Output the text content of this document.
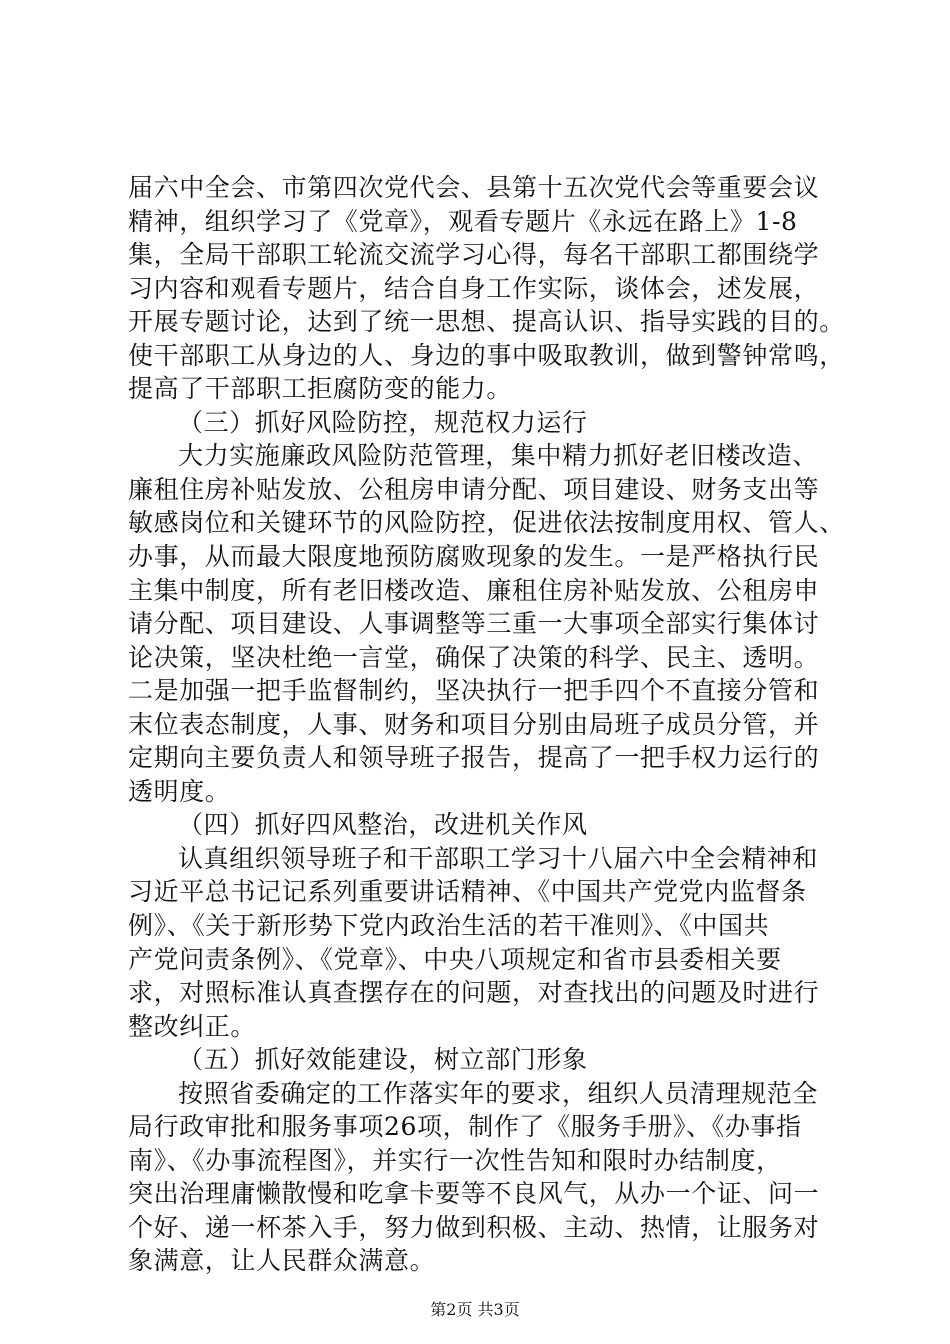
届六中全会、市第四次党代会、县第十五次党代会等重要会议
精神，组织学习了《党章》，观看专题片《永远在路上》1-8
集，全局干部职工轮流交流学习心得，每名干部职工都围绕学
习内容和观看专题片，结合自身工作实际，谈体会，述发展，
开展专题讨论，达到了统一思想、提高认识、指导实践的目的。
使干部职工从身边的人、身边的事中吸取教训，做到警钟常鸣，
提高了干部职工拒腐防变的能力。
（三）抓好风险防控，规范权力运行
大力实施廉政风险防范管理，集中精力抓好老旧楼改造、
廉租住房补贴发放、公租房申请分配、项目建设、财务支出等
敏感岗位和关键环节的风险防控，促进依法按制度用权、管人、
办事，从而最大限度地预防腐败现象的发生。一是严格执行民
主集中制度，所有老旧楼改造、廉租住房补贴发放、公租房申
请分配、项目建设、人事调整等三重一大事项全部实行集体讨
论决策，坚决杜绝一言堂，确保了决策的科学、民主、透明。
二是加强一把手监督制约，坚决执行一把手四个不直接分管和
末位表态制度，人事、财务和项目分别由局班子成员分管，并
定期向主要负责人和领导班子报告，提高了一把手权力运行的
透明度。
（四）抓好四风整治，改进机关作风
认真组织领导班子和干部职工学习十八届六中全会精神和
习近平总书记记系列重要讲话精神、《中国共产党党内监督条
例》、《关于新形势下党内政治生活的若干准则》、《中国共
产党问责条例》、《党章》、中央八项规定和省市县委相关要
求，对照标准认真查摆存在的问题，对查找出的问题及时进行
整改纠正。
（五）抓好效能建设，树立部门形象
按照省委确定的工作落实年的要求，组织人员清理规范全
局行政审批和服务事项26项，制作了《服务手册》、《办事指
南》、《办事流程图》，并实行一次性告知和限时办结制度，
突出治理庸懒散慢和吃拿卡要等不良风气，从办一个证、问一
个好、递一杯茶入手，努力做到积极、主动、热情，让服务对
象满意，让人民群众满意。
第2页 共3页
